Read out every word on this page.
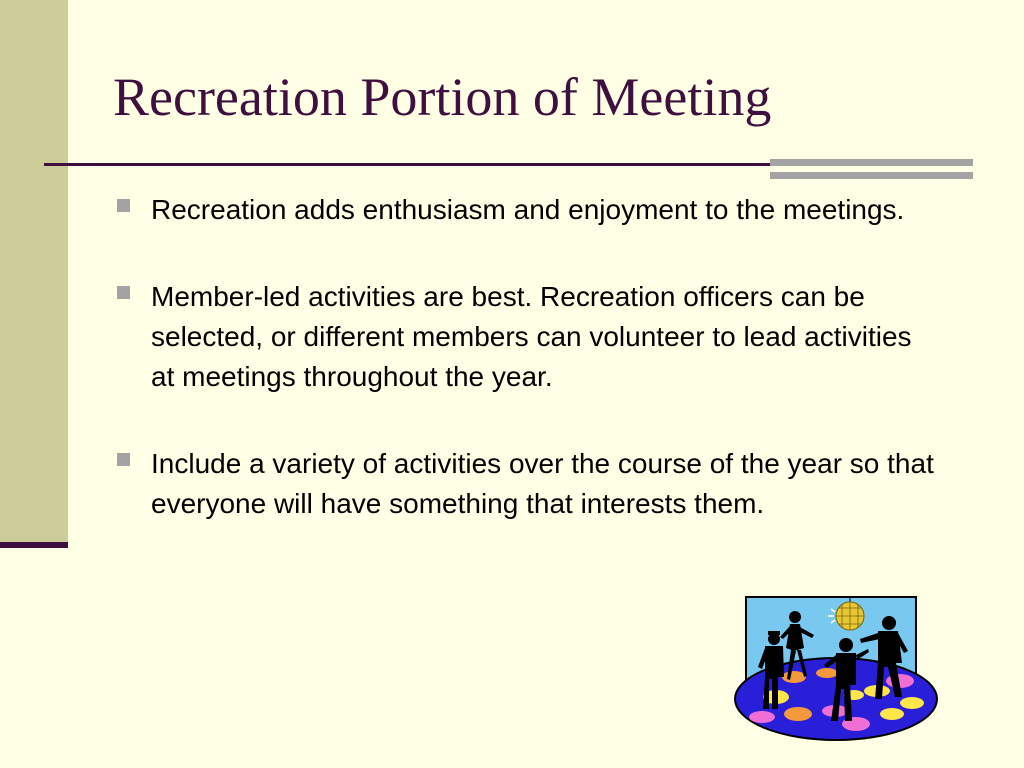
Recreation Portion of Meeting
Recreation adds enthusiasm and enjoyment to the meetings.
Member-led activities are best. Recreation officers can be selected, or different members can volunteer to lead activities at meetings throughout the year.
Include a variety of activities over the course of the year so that everyone will have something that interests them.
